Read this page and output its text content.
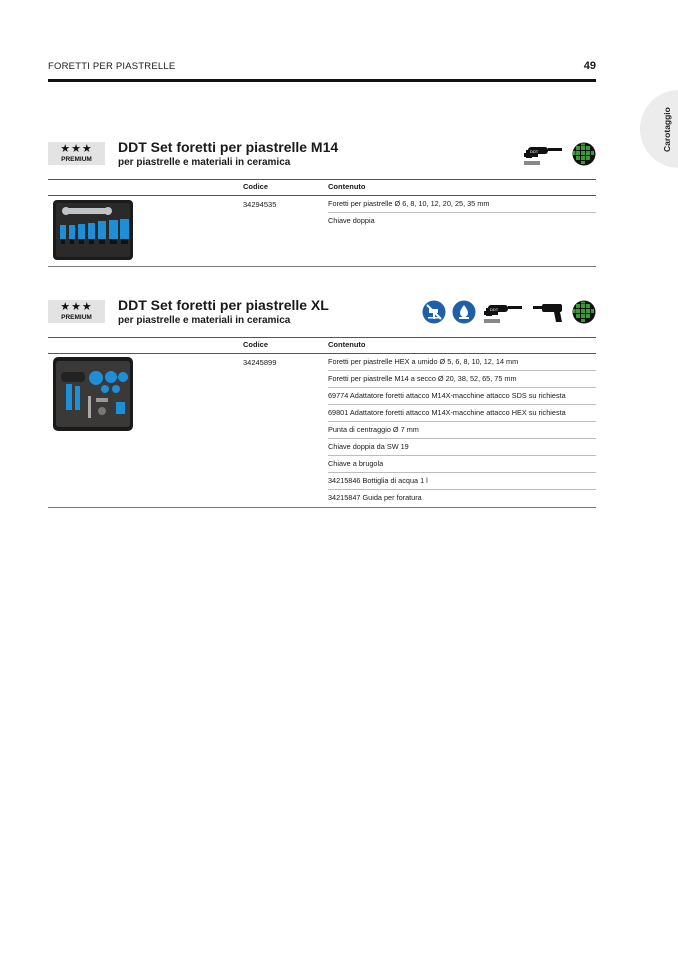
FORETTI PER PIASTRELLE	49
Carotaggio
★★★
PREMIUM
DDT Set foretti per piastrelle M14
per piastrelle e materiali in ceramica
DDT
Codice	Contenuto
34294535	Foretti per piastrelle Ø 6, 8, 10, 12, 20, 25, 35 mm
Chiave doppia
★★★
PREMIUM
DDT Set foretti per piastrelle XL
per piastrelle e materiali in ceramica
DDT
Codice	Contenuto
34245899	Foretti per piastrelle HEX a umido Ø 5, 6, 8, 10, 12, 14 mm
Foretti per piastrelle M14 a secco Ø 20, 38, 52, 65, 75 mm
69774 Adattatore foretti attacco M14X-macchine attacco SDS su richiesta
69801 Adattatore foretti attacco M14X-macchine attacco HEX su richiesta
Punta di centraggio Ø 7 mm
Chiave doppia da SW 19
Chiave a brugola
34215846 Bottiglia di acqua 1 l
34215847 Guida per foratura
